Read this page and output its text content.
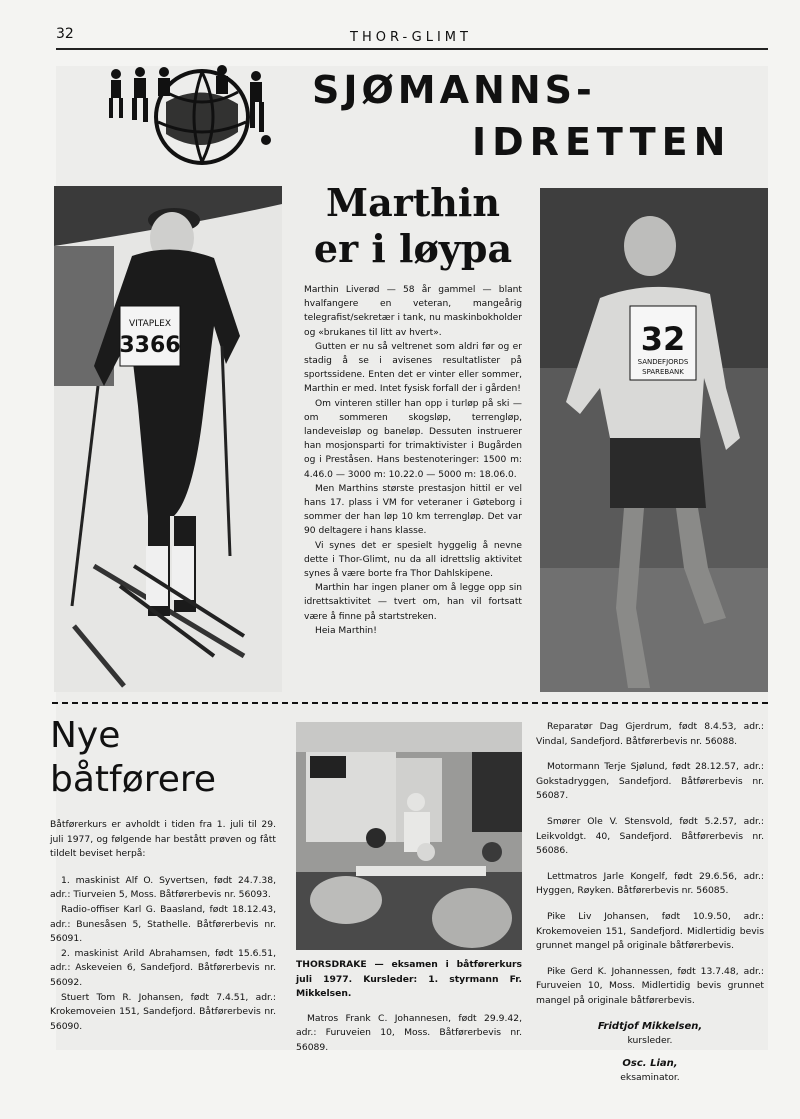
32	THOR-GLIMT
SJØMANNS-
IDRETTEN
VITAPLEX
3366	32
SANDEFJORDS
SPAREBANK
Marthin
er i løypa

Marthin Liverød — 58 år gammel — blant hvalfangere en veteran, mangeårig telegrafist/sekretær i tank, nu maskinbokholder og «brukanes til litt av hvert».

Gutten er nu så veltrenet som aldri før og er stadig å se i avisenes resultatlister på sportssidene. Enten det er vinter eller sommer, Marthin er med. Intet fysisk forfall der i gården!

Om vinteren stiller han opp i turløp på ski — om sommeren skogsløp, terrengløp, landeveisløp og baneløp. Dessuten instruerer han mosjonsparti for trimaktivister i Bugården og i Preståsen. Hans bestenoteringer: 1500 m: 4.46.0 — 3000 m: 10.22.0 — 5000 m: 18.06.0.

Men Marthins største prestasjon hittil er vel hans 17. plass i VM for veteraner i Gøteborg i sommer der han løp 10 km terrengløp. Det var 90 deltagere i hans klasse.

Vi synes det er spesielt hyggelig å nevne dette i Thor-Glimt, nu da all idrettslig aktivitet synes å være borte fra Thor Dahlskipene.

Marthin har ingen planer om å legge opp sin idrettsaktivitet — tvert om, han vil fortsatt være å finne på startstreken.

Heia Marthin!

Nye
båtførere

Båtførerkurs er avholdt i tiden fra 1. juli til 29. juli 1977, og følgende har bestått prøven og fått tildelt beviset herpå:

1. maskinist Alf O. Syvertsen, født 24.7.38, adr.: Tiurveien 5, Moss. Båtførerbevis nr. 56093.

Radio-offiser Karl G. Baasland, født 18.12.43, adr.: Bunesåsen 5, Stathelle. Båtførerbevis nr. 56091.

2. maskinist Arild Abrahamsen, født 15.6.51, adr.: Askeveien 6, Sandefjord. Båtførerbevis nr. 56092.

Stuert Tom R. Johansen, født 7.4.51, adr.: Krokemoveien 151, Sandefjord. Båtførerbevis nr. 56090.

THORSDRAKE — eksamen i båtførerkurs juli 1977. Kursleder: 1. styrmann Fr. Mikkelsen.

Matros Frank C. Johannesen, født 29.9.42, adr.: Furuveien 10, Moss. Båtførerbevis nr. 56089.

Reparatør Dag Gjerdrum, født 8.4.53, adr.: Vindal, Sandefjord. Båtførerbevis nr. 56088.

Motormann Terje Sjølund, født 28.12.57, adr.: Gokstadryggen, Sandefjord. Båtførerbevis nr. 56087.

Smører Ole V. Stensvold, født 5.2.57, adr.: Leikvoldgt. 40, Sandefjord. Båtførerbevis nr. 56086.

Lettmatros Jarle Kongelf, født 29.6.56, adr.: Hyggen, Røyken. Båtførerbevis nr. 56085.

Pike Liv Johansen, født 10.9.50, adr.: Krokemoveien 151, Sandefjord. Midlertidig bevis grunnet mangel på originale båtførerbevis.

Pike Gerd K. Johannessen, født 13.7.48, adr.: Furuveien 10, Moss. Midlertidig bevis grunnet mangel på originale båtførerbevis.

Fridtjof Mikkelsen,
kursleder.
Osc. Lian,
eksaminator.
